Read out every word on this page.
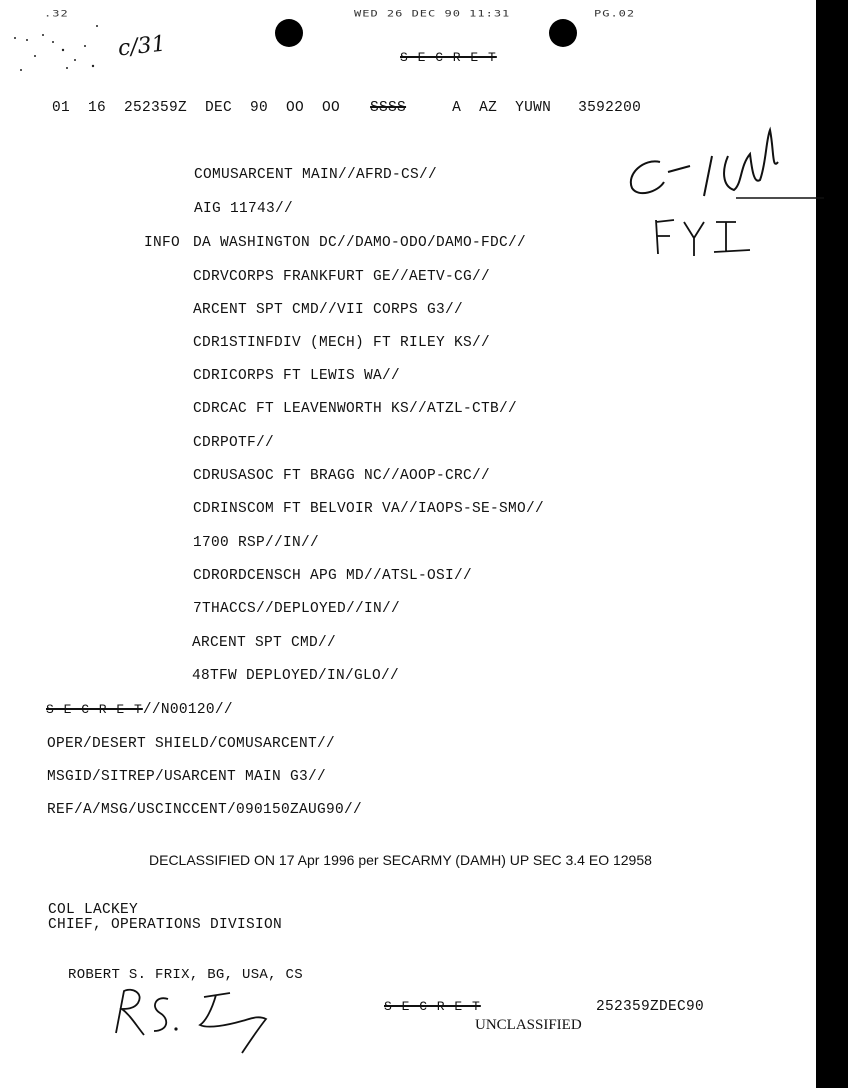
.32	WED 26 DEC 90 11:31	PG.02
c/31	S E C R E T
01  16  252359Z  DEC  90  OO  OO SSSS	A  AZ  YUWN   3592200
COMUSARCENT MAIN//AFRD-CS//
AIG 11743//
INFO DA WASHINGTON DC//DAMO-ODO/DAMO-FDC//
CDRVCORPS FRANKFURT GE//AETV-CG//
ARCENT SPT CMD//VII CORPS G3//
CDR1STINFDIV (MECH) FT RILEY KS//
CDRICORPS FT LEWIS WA//
CDRCAC FT LEAVENWORTH KS//ATZL-CTB//
CDRPOTF//
CDRUSASOC FT BRAGG NC//AOOP-CRC//
CDRINSCOM FT BELVOIR VA//IAOPS-SE-SMO//
1700 RSP//IN//
CDRORDCENSCH APG MD//ATSL-OSI//
7THACCS//DEPLOYED//IN//
ARCENT SPT CMD//
48TFW DEPLOYED/IN/GLO//
S E C R E T//N00120//
OPER/DESERT SHIELD/COMUSARCENT//
MSGID/SITREP/USARCENT MAIN G3//
REF/A/MSG/USCINCCENT/090150ZAUG90//
DECLASSIFIED ON 17 Apr 1996 per SECARMY (DAMH) UP SEC 3.4 EO 12958
COL LACKEY
CHIEF, OPERATIONS DIVISION
ROBERT S. FRIX, BG, USA, CS
S E C R E T	252359ZDEC90
UNCLASSIFIED
